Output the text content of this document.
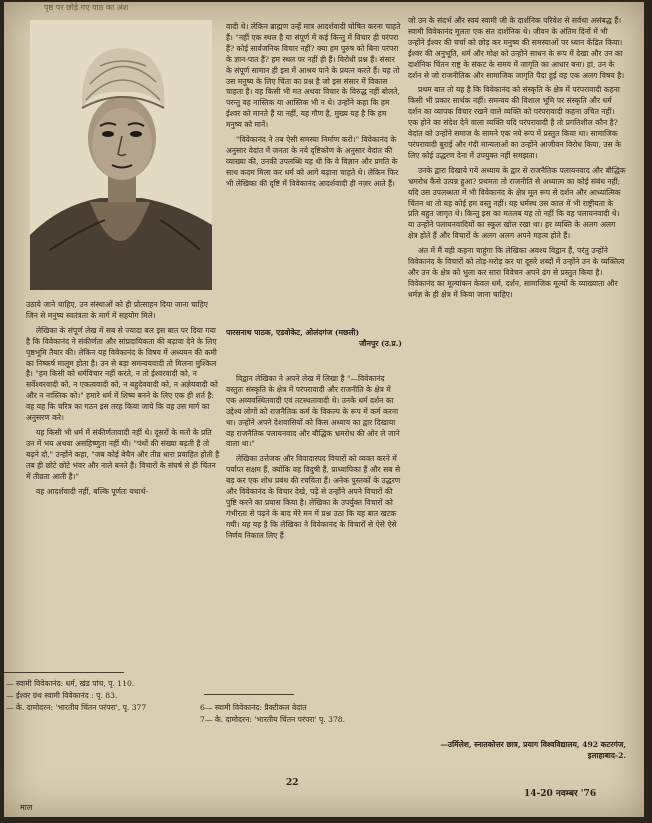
पृष्ठ पर छोड़े गए पाठ का अंश

उठाये जाने चाहिए, उन संस्थाओं को ही प्रोत्साहन दिया जाना चाहिए जिन से मनुष्य स्वतंत्रता के मार्ग में सहयोग मिले।

लेखिका के संपूर्ण लेख में सब से ज्यादा बल इस बात पर दिया गया है कि विवेकानंद ने संकीर्णता और सांप्रदायिकता की बढ़ावा देने के लिए पृष्ठभूमि तैयार की। लेकिन यह विवेकानंद के विषय में अध्ययन की कमी का निष्कर्ष मालूम होता है। उन से बड़ा समन्वयवादी तो मिलना मुश्किल है। "हम किसी को धर्मविचार नहीं करते, न तो ईश्वरवादी को, न सर्वेश्वरवादी को, न एकत्ववादी को, न बहुदेववादी को, न अज्ञेयवादी को और न नास्तिक को।" हमारे धर्म में शिष्य बनने के लिए एक ही शर्त है: वह यह कि चरित्र का गठन इस तरह किया जाये कि वह उस मार्ग का अनुसरण करे।

यह किसी भी धर्म में संकीर्णतावादी नहीं थे। दूसरों के मतों के प्रति उन में भय अथवा असहिष्णुता नहीं थी। "पंथों की संख्या बढ़ती है तो बढ़ने दो," उन्होंने कहा, "जब कोई बेचैन और तीव्र धारा प्रवाहित होती है तब ही छोटे छोटे भंवर और नाले बनते हैं। विचारों के संघर्ष से ही चिंतन में तीव्रता आती है।"

वह आदर्शवादी नहीं, बल्कि पूर्णतः यथार्थ-

— स्वामी विवेकानंद: धर्म, खंड पांच, पृ. 110.
— ईश्वर ग्रंथ स्वामी विवेकानंद : पृ. 83.
— के. दामोदरन: 'भारतीय चिंतन परंपरा', पृ. 377

वादी थे। लेकिन ब्राह्मण उन्हें मात्र आदर्शवादी घोषित करना चाहते हैं। "नहीं एक स्थल है या संपूर्ण में कई किन्तु में विचार ही परंपरा हैं? कोई सार्वजनिक विचार नहीं? क्या हम पुरुष को बिना परंपरा के ज्ञान-पात हैं? हम स्थल पर नहीं ही हैं। विरोधी प्रश्न हैं। संसार के संपूर्ण सामान ही इस में आश्रय पाने के प्रयत्न करते हैं। यह तो उस मनुष्य के लिए चिंता का प्रश्न है जो इस संसार में विकास चाहता है। वह किसी भी मत अथवा विचार के विरुद्ध नहीं बोलते, परन्तु वह नास्तिक या आस्तिक भी न थे। उन्होंने कहा कि हम ईश्वर को मानते हैं या नहीं, यह गौण है, मुख्य यह है कि हम मनुष्य को मानें।

"विवेकानंद ने तब ऐसी समस्या निर्माण करो।" विवेकानंद के अनुसार वेदांत में जनता के नये दृष्टिकोण के अनुसार वेदांत की व्याख्या की, उनकी उपलब्धि यह थी कि वे विज्ञान और प्रगति के साथ कदम मिला कर धर्म को आगे बढ़ाना चाहते थे। लेकिन फिर भी लेखिका की दृष्टि में विवेकानंद आदर्शवादी ही नज़र आते हैं।

पारसनाथ पाठक, एडवोकेट, ओलंदगंज (मछली)
जौनपुर (उ.प्र.)

विद्वान लेखिका ने अपने लेख में लिखा है "—विवेकानंद वस्तुतः संस्कृति के क्षेत्र में परंपरावादी और राजनीति के क्षेत्र में एक अव्यवस्थितवादी एवं तटस्थतावादी थे। उनके धर्म दर्शन का उद्देश्य लोगों को राजनैतिक कर्म के विकल्प के रूप में कर्म करना था। उन्होंने अपने देशवासियों को किस अध्याय का द्वार दिखाया वह राजनैतिक पलायनवाद और बौद्धिक भ्रमरोध की ओर ले जाने वाला था।"

लेखिका उत्तेजक और विवादास्पद विचारों को व्यक्त करने में पर्याप्त सक्षम हैं, क्योंकि वह विदुषी हैं, प्राध्यापिका हैं और सब से बड़ कर एक शोध प्रबंध की रचयिता हैं। अनेक पुस्तकों के उद्धरण और विवेकानंद के विचार देखे, पढ़ें से उन्होंने अपने विचारों की पुष्टि करने का प्रयास किया है। लेखिका के उपर्युक्त विचारों को गंभीरता से पढ़ने के बाद मेरे मन में प्रश्न उठा कि यह बात खटक गयी। यह यह है कि लेखिका ने विवेकानंद के विचारों से ऐसे ऐसे निर्णय निकाल लिए हैं

6— स्वामी विवेकानंद: प्रैक्टीकल वेदांत
7— के. दामोदरन: 'भारतीय चिंतन परंपरा' पृ. 378.

जो उन के संदर्भ और स्वयं स्वामी जी के दार्शनिक परिवेश से सर्वथा असंबद्ध हैं। स्वामी विवेकानंद मूलतः एक संत दार्शनिक थे। जीवन के अंतिम दिनों में भी उन्होंने ईश्वर की चर्चा को छोड़ कर मनुष्य की समस्याओं पर ध्यान केंद्रित किया। ईश्वर की अनुभूति, धर्म और मोक्ष को उन्होंने साधन के रूप में देखा और उन का दार्शनिक चिंतन राष्ट्र के संकट के समय में जागृति का आधार बना। हां, उन के दर्शन से जो राजनीतिक और सामाजिक जागृति पैदा हुई वह एक अलग विषय है।

प्रथम बात तो यह है कि विवेकानंद को संस्कृति के क्षेत्र में परंपरावादी कहना किसी भी प्रकार सार्थक नहीं। समन्वय की विशाल भूमि पर संस्कृति और धर्म दर्शन का व्यापक विचार रखने वाले व्यक्ति को परंपरावादी कहना उचित नहीं। एक होने का संदेश देने वाला व्यक्ति यदि परंपरावादी है तो प्रगतिशील कौन है? वेदांत को उन्होंने समाज के सामने एक नये रूप में प्रस्तुत किया था। सामाजिक परंपरावादी बुराई और गंदी मान्यताओं का उन्होंने आजीवन विरोध किया, उस के लिए कोई उद्धरण देना में उपयुक्त नहीं समझता।

उनके द्वारा दिखाये गये अध्याय के द्वार से राजनैतिक पलायनवाद और बौद्धिक भ्रमरोध कैसे उत्पन्न हुआ? प्रथमतः तो राजनीति से अध्यात्म का कोई संबंध नहीं; यदि उस उपलब्धता में भी विवेकानंद के क्षेत्र मूल रूप से दर्शन और आध्यात्मिक चिंतन था तो यह कोई हम वस्तु नहीं। यह धर्मस्थ उस काल में भी राष्ट्रीयता के प्रति बहुत जागृत थे। किन्तु इस का मतलब यह तो नहीं कि वह पलायनवादी थे। या उन्होंने पलायनवादियों का स्कूल खोल रखा था। हर व्यक्ति के अलग अलग क्षेत्र होते हैं और विचारों के अलग अलग अपने महत्व होते हैं।

अंत में मैं यही कहना चाहूंगा कि लेखिका अवश्य विद्वान हैं, परंतु उन्होंने विवेकानंद के विचारों को तोड़-मरोड़ कर या दूसरे शब्दों में उन्होंने उन के व्यक्तित्व और उन के क्षेत्र को भुला कर सारा विवेचन अपने ढंग से प्रस्तुत किया है। विवेकानंद का मूल्यांकन केवल धर्म, दर्शन, सामाजिक मूल्यों के व्याख्याता और धर्मज्ञ के ही क्षेत्र में किया जाना चाहिए।

—उर्मिलेश, स्नातकोत्तर छात्र, प्रयाग विश्वविद्यालय, 492 कटरगंज, इलाहाबाद-2.
22
14-20 नवम्बर '76
माल
